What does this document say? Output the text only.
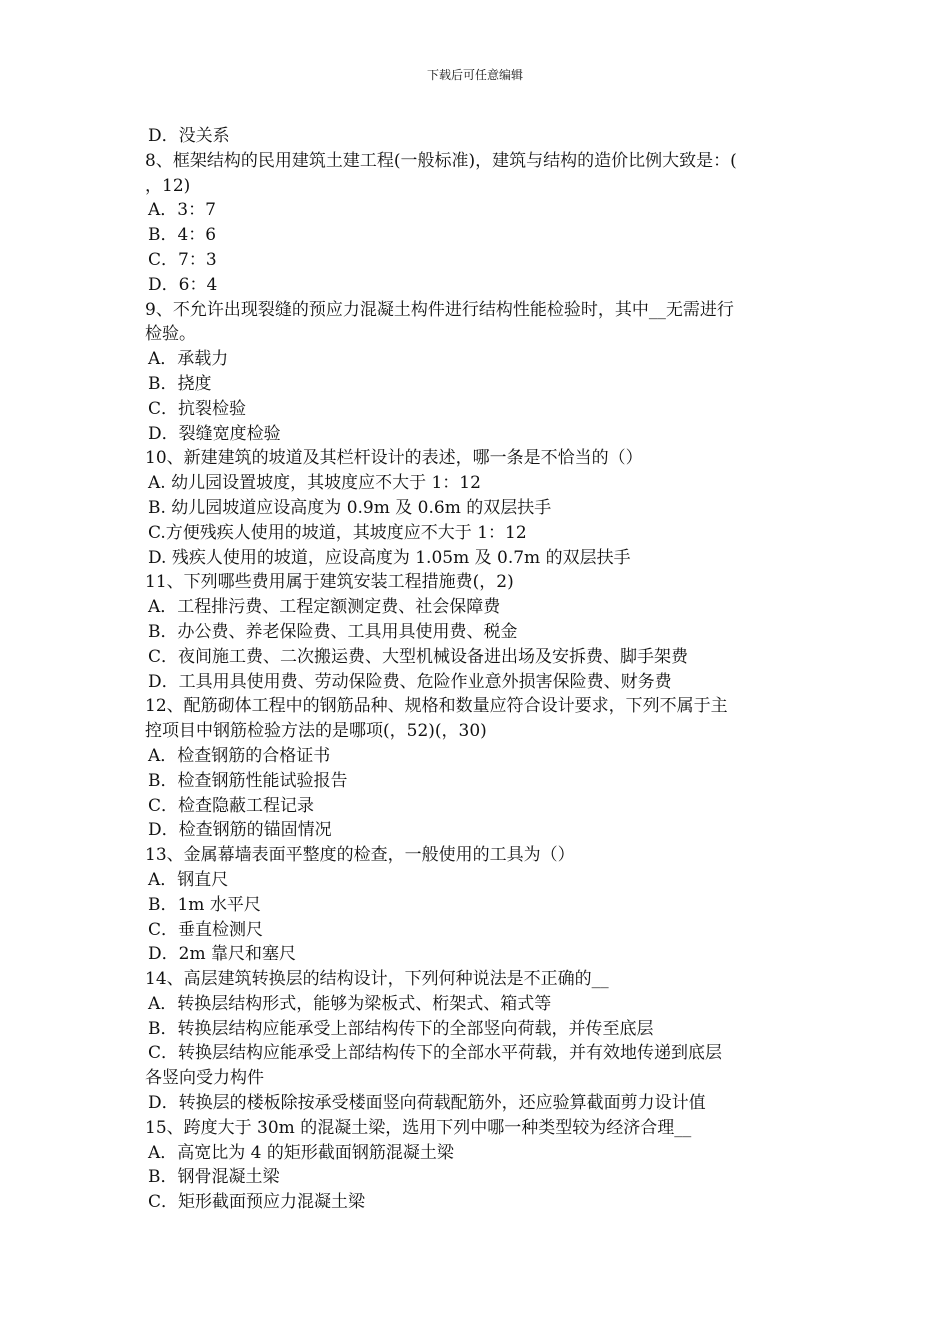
下载后可任意编辑
D．没关系
8、框架结构的民用建筑土建工程(一般标准)，建筑与结构的造价比例大致是：(
，12)
A．3：7
B．4：6
C．7：3
D．6：4
9、不允许出现裂缝的预应力混凝土构件进行结构性能检验时，其中__无需进行
检验。
A．承载力
B．挠度
C．抗裂检验
D．裂缝宽度检验
10、新建建筑的坡道及其栏杆设计的表述，哪一条是不恰当的（）
A. 幼儿园设置坡度，其坡度应不大于 1：12
B. 幼儿园坡道应设高度为 0.9m 及 0.6m 的双层扶手
C.方便残疾人使用的坡道，其坡度应不大于 1：12
D. 残疾人使用的坡道，应设高度为 1.05m 及 0.7m 的双层扶手
11、下列哪些费用属于建筑安装工程措施费(，2)
A．工程排污费、工程定额测定费、社会保障费
B．办公费、养老保险费、工具用具使用费、税金
C．夜间施工费、二次搬运费、大型机械设备进出场及安拆费、脚手架费
D．工具用具使用费、劳动保险费、危险作业意外损害保险费、财务费
12、配筋砌体工程中的钢筋品种、规格和数量应符合设计要求，下列不属于主
控项目中钢筋检验方法的是哪项(，52)(，30)
A．检查钢筋的合格证书
B．检查钢筋性能试验报告
C．检查隐蔽工程记录
D．检查钢筋的锚固情况
13、金属幕墙表面平整度的检查，一般使用的工具为（）
A．钢直尺
B．1m 水平尺
C．垂直检测尺
D．2m 靠尺和塞尺
14、高层建筑转换层的结构设计，下列何种说法是不正确的__
A．转换层结构形式，能够为梁板式、桁架式、箱式等
B．转换层结构应能承受上部结构传下的全部竖向荷载，并传至底层
C．转换层结构应能承受上部结构传下的全部水平荷载，并有效地传递到底层
各竖向受力构件
D．转换层的楼板除按承受楼面竖向荷载配筋外，还应验算截面剪力设计值
15、跨度大于 30m 的混凝土梁，选用下列中哪一种类型较为经济合理__
A．高宽比为 4 的矩形截面钢筋混凝土梁
B．钢骨混凝土梁
C．矩形截面预应力混凝土梁
